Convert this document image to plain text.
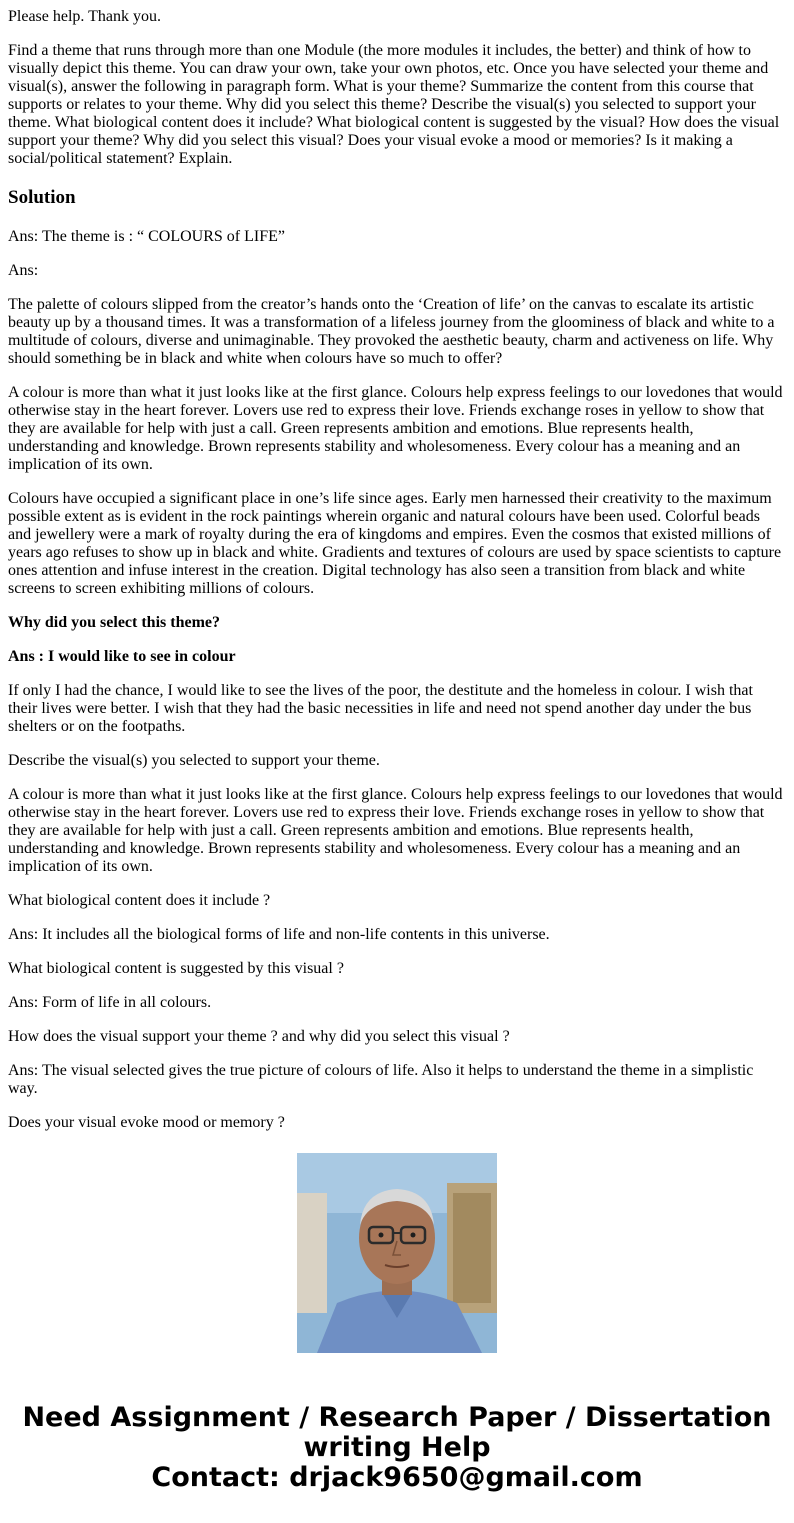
Please help. Thank you.

Find a theme that runs through more than one Module (the more modules it includes, the better) and think of how to visually depict this theme. You can draw your own, take your own photos, etc. Once you have selected your theme and visual(s), answer the following in paragraph form. What is your theme? Summarize the content from this course that supports or relates to your theme. Why did you select this theme? Describe the visual(s) you selected to support your theme. What biological content does it include? What biological content is suggested by the visual? How does the visual support your theme? Why did you select this visual? Does your visual evoke a mood or memories? Is it making a social/political statement? Explain.

Solution

Ans: The theme is : “ COLOURS of LIFE”

Ans:

The palette of colours slipped from the creator’s hands onto the ‘Creation of life’ on the canvas to escalate its artistic beauty up by a thousand times. It was a transformation of a lifeless journey from the gloominess of black and white to a multitude of colours, diverse and unimaginable. They provoked the aesthetic beauty, charm and activeness on life. Why should something be in black and white when colours have so much to offer?

A colour is more than what it just looks like at the first glance. Colours help express feelings to our lovedones that would otherwise stay in the heart forever. Lovers use red to express their love. Friends exchange roses in yellow to show that they are available for help with just a call. Green represents ambition and emotions. Blue represents health, understanding and knowledge. Brown represents stability and wholesomeness. Every colour has a meaning and an implication of its own.

Colours have occupied a significant place in one’s life since ages. Early men harnessed their creativity to the maximum possible extent as is evident in the rock paintings wherein organic and natural colours have been used. Colorful beads and jewellery were a mark of royalty during the era of kingdoms and empires. Even the cosmos that existed millions of years ago refuses to show up in black and white. Gradients and textures of colours are used by space scientists to capture ones attention and infuse interest in the creation. Digital technology has also seen a transition from black and white screens to screen exhibiting millions of colours.

Why did you select this theme?

Ans : I would like to see in colour

If only I had the chance, I would like to see the lives of the poor, the destitute and the homeless in colour. I wish that their lives were better. I wish that they had the basic necessities in life and need not spend another day under the bus shelters or on the footpaths.

Describe the visual(s) you selected to support your theme.

A colour is more than what it just looks like at the first glance. Colours help express feelings to our lovedones that would otherwise stay in the heart forever. Lovers use red to express their love. Friends exchange roses in yellow to show that they are available for help with just a call. Green represents ambition and emotions. Blue represents health, understanding and knowledge. Brown represents stability and wholesomeness. Every colour has a meaning and an implication of its own.

What biological content does it include ?

Ans: It includes all the biological forms of life and non-life contents in this universe.

What biological content is suggested by this visual ?

Ans: Form of life in all colours.

How does the visual support your theme ? and why did you select this visual ?

Ans: The visual selected gives the true picture of colours of life. Also it helps to understand the theme in a simplistic way.

Does your visual evoke mood or memory ?

Need Assignment / Research Paper / Dissertation
writing Help
Contact: drjack9650@gmail.com
